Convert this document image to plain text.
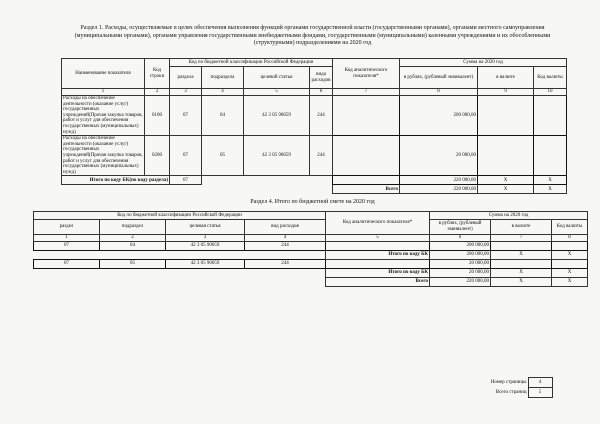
Раздел 1. Расходы, осуществляемые в целях обеспечения выполнения функций органами государственной власти (государственными органами), органами местного самоуправления (муниципальными органами), органами управления государственными внебюджетными фондами, государственными (муниципальными) казенными учреждениями и их обособленными (структурными) подразделениями на 2020 год
Наименование показателя	Код строки	Код по бюджетной классификации Российской Федерации				Код аналитического показателя*	Сумма на 2020 год		
		раздела	подраздела	целевой статьи	вида расходов		в рублях, (рублевый эквивалент)	в валюте	Код валюты
1	2	3	4	5	6	7	8	9	10
Расходы на обеспечение деятельности (оказание услуг) государственных учреждений(Прочая закупка товаров, работ и услуг для обеспечения государственных (муниципальных) нужд)	0100	07	04	42 3 05 90059	244		200 000,00		
Расходы на обеспечение деятельности (оказание услуг) государственных учреждений(Прочая закупка товаров, работ и услуг для обеспечения государственных (муниципальных) нужд)	0200	07	05	42 3 05 90059	244		20 000,00		
Итого по коду БК(по коду раздела)		07					220 000,00	X	X
						Всего	220 000,00	X	X
Раздел 4. Итого по бюджетной смете на 2020 год
Код по бюджетной классификации Российской Федерации				Код аналитического показателя*	Сумма на 2020 год		
раздел	подраздел	целевая статья	вид расходов		в рублях, (рублевый эквивалент)	в валюте	Код валюты
1	2	3	4	5	6	7	8
07	04	42 3 05 90059	244		200 000,00		
				Итого по коду БК	200 000,00	X	X
07	05	42 3 05 90059	244		20 000,00		
				Итого по коду БК	20 000,00	X	X
				Всего	220 000,00	X	X
Номер страницы	4
Всего страниц	5
